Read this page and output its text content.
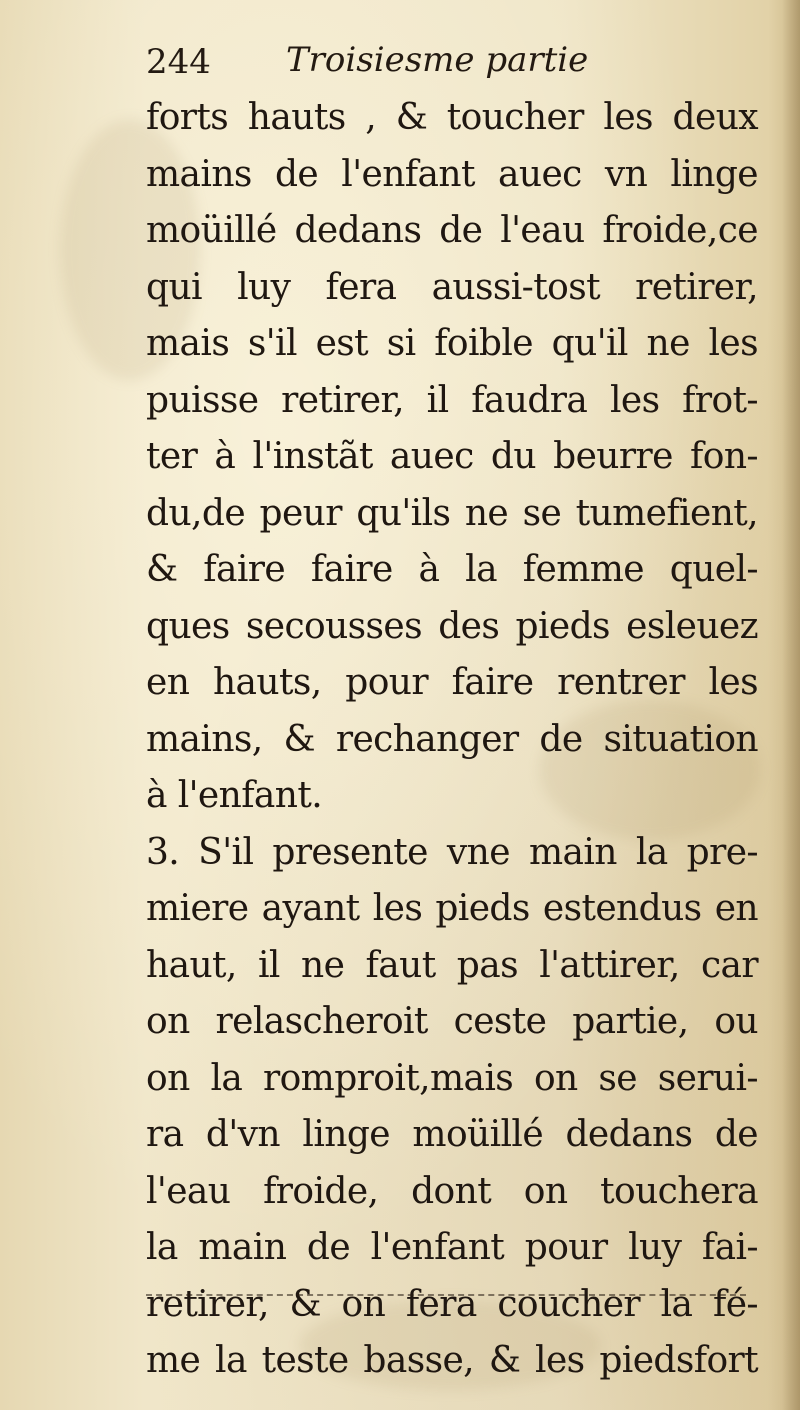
244 Troisiesme partie
forts hauts , & toucher les deux
mains de l'enfant auec vn linge
moüillé dedans de l'eau froide,ce
qui luy fera aussi-tost retirer,
mais s'il est si foible qu'il ne les
puisse retirer, il faudra les frot-
ter à l'instãt auec du beurre fon-
du,de peur qu'ils ne se tumefient,
& faire faire à la femme quel-
ques secousses des pieds esleuez
en hauts, pour faire rentrer les
mains, & rechanger de situation
à l'enfant.
3. S'il presente vne main la pre-
miere ayant les pieds estendus en
haut, il ne faut pas l'attirer, car
on relascheroit ceste partie, ou
on la romproit,mais on se serui-
ra d'vn linge moüillé dedans de
l'eau froide, dont on touchera
la main de l'enfant pour luy fai-
retirer, & on fera coucher la fé-
me la teste basse, & les piedsfort
